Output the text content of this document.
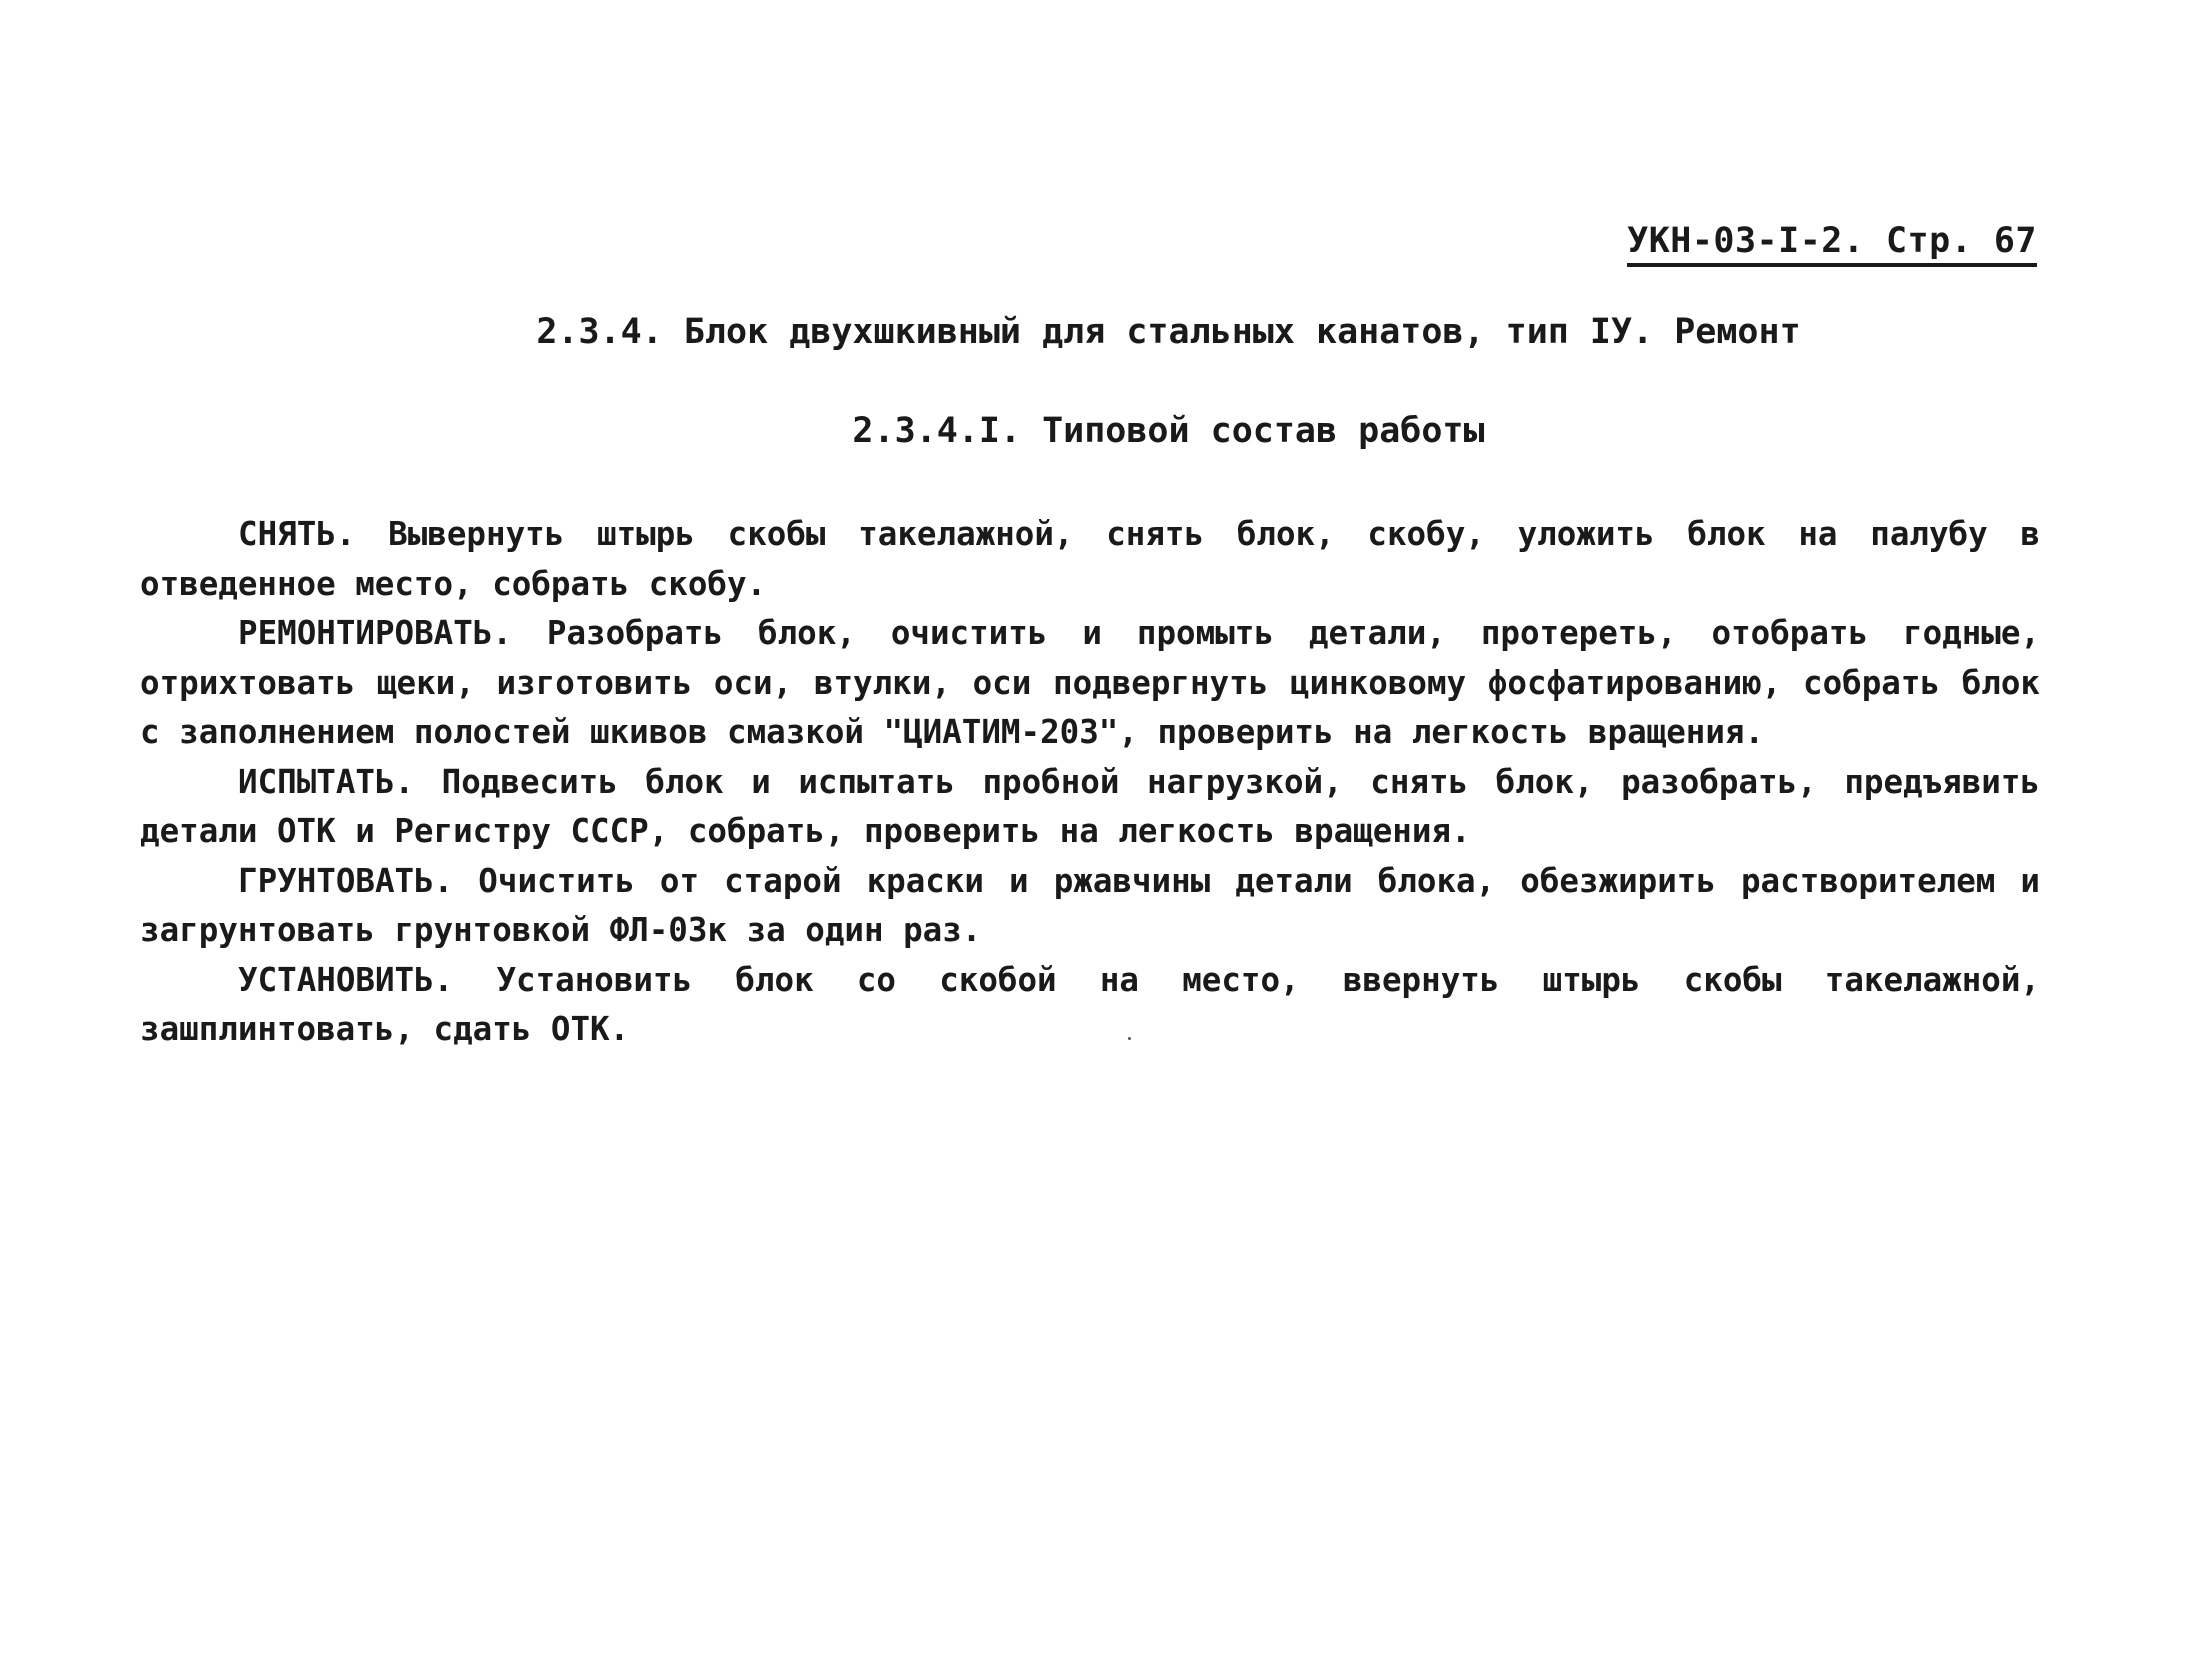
УКН-03-I-2. Стр. 67
2.3.4. Блок двухшкивный для стальных канатов, тип IУ. Ремонт
2.3.4.I. Типовой состав работы

СНЯТЬ. Вывернуть штырь скобы такелажной, снять блок, скобу, уложить блок на палубу в отведенное место, собрать скобу.

РЕМОНТИРОВАТЬ. Разобрать блок, очистить и промыть детали, протереть, отобрать годные, отрихтовать щеки, изготовить оси, втулки, оси подвергнуть цинковому фосфатированию, собрать блок с заполнением полостей шкивов смазкой "ЦИАТИМ-203", проверить на легкость вращения.

ИСПЫТАТЬ. Подвесить блок и испытать пробной нагрузкой, снять блок, разобрать, предъявить детали ОТК и Регистру СССР, собрать, проверить на легкость вращения.

ГРУНТОВАТЬ. Очистить от старой краски и ржавчины детали блока, обезжирить растворителем и загрунтовать грунтовкой ФЛ-03к за один раз.

УСТАНОВИТЬ. Установить блок со скобой на место, ввернуть штырь скобы такелажной, зашплинтовать, сдать ОТК.
